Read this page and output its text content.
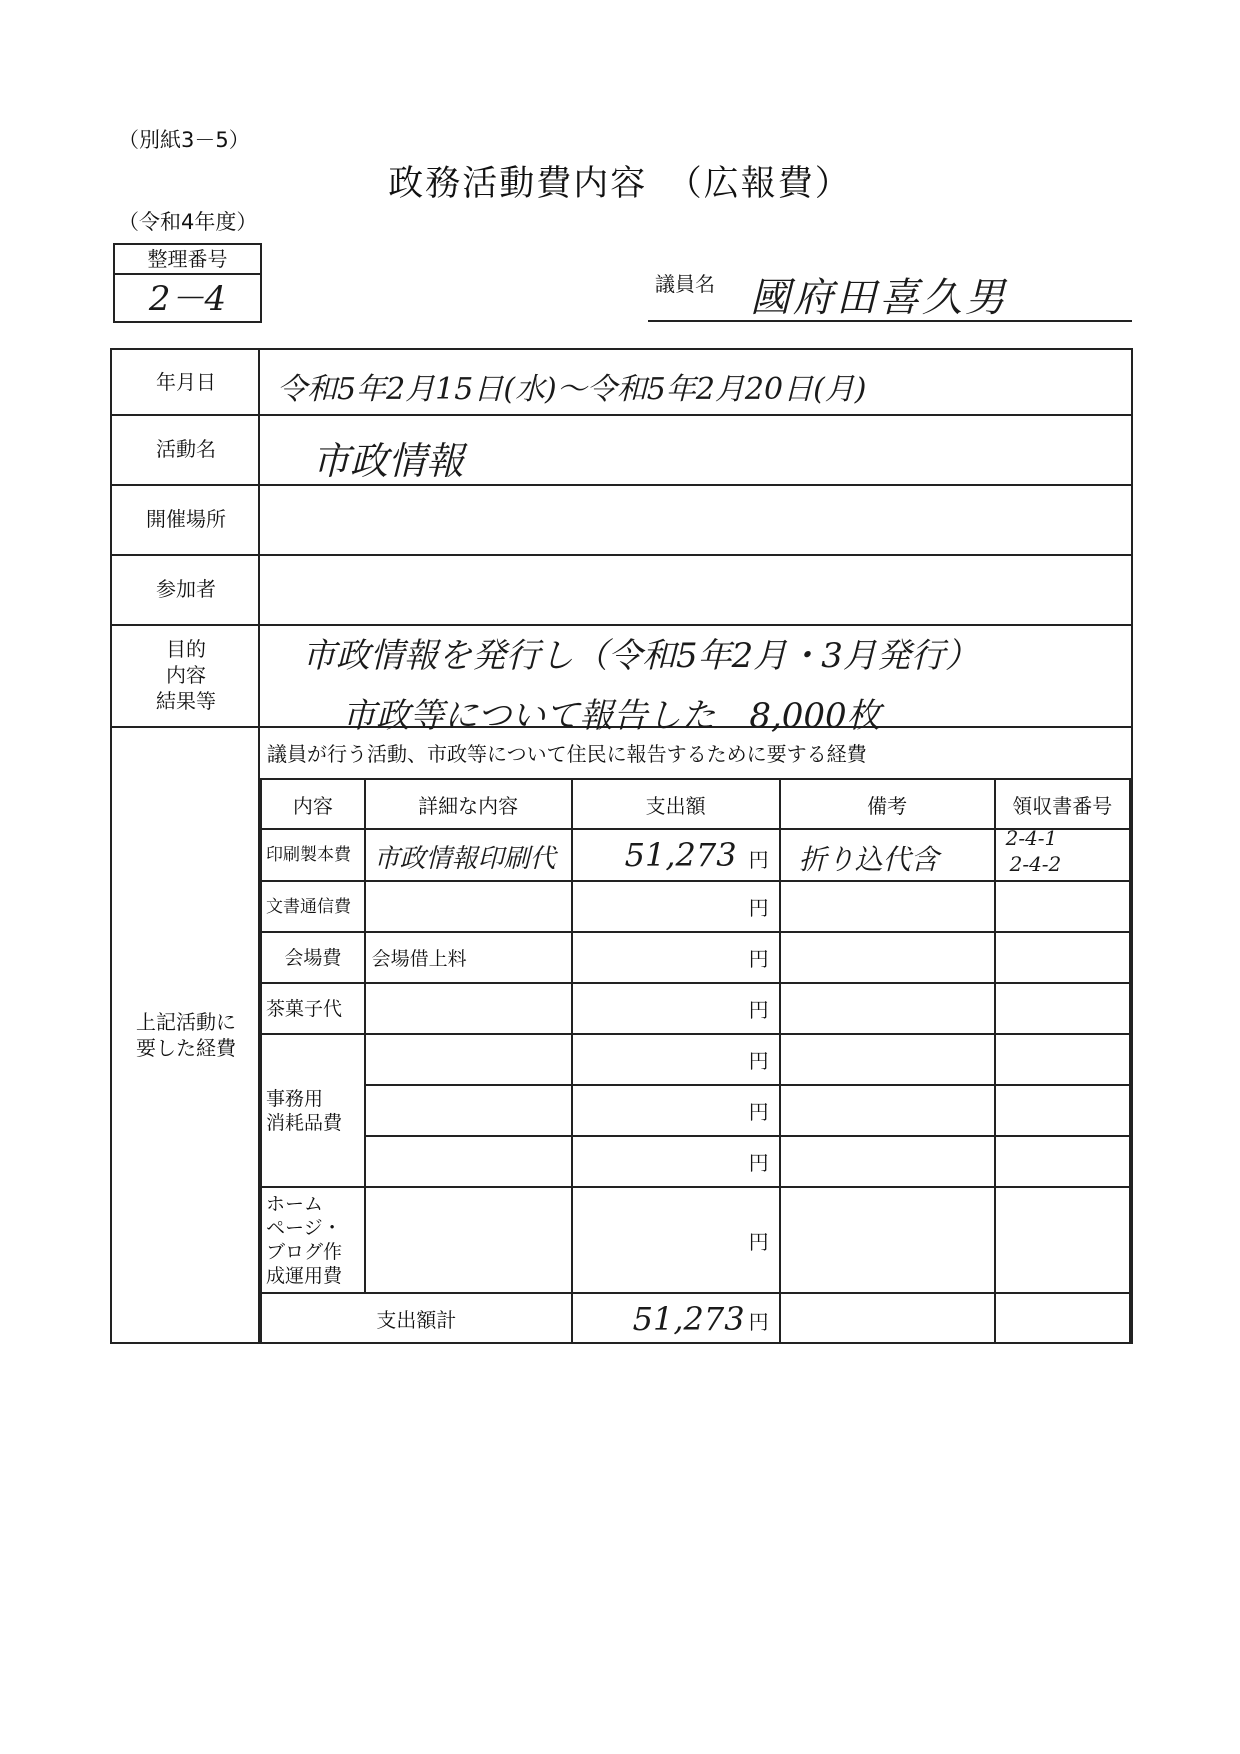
（別紙3－5）
政務活動費内容　（広報費）
（令和4年度）
整理番号
2－4	議員名 國府田喜久男
年月日	令和5年2月15日(水)～令和5年2月20日(月)
活動名	市政情報
開催場所
参加者
目的
内容
結果等
市政情報を発行し（令和5年2月・3月発行）
市政等について報告した　8,000枚
上記活動に
要した経費
議員が行う活動、市政等について住民に報告するために要する経費
内容	詳細な内容	支出額	備考	領収書番号
印刷製本費	市政情報印刷代	51,273 円	折り込代含	2-4-1
2-4-2

文書通信費		円		
会場費	会場借上料	円		
茶菓子代		円		
事務用
消耗品費		円		
		円		
		円		
ホーム
ページ・
ブログ作
成運用費		円		
支出額計		51,273 円		
